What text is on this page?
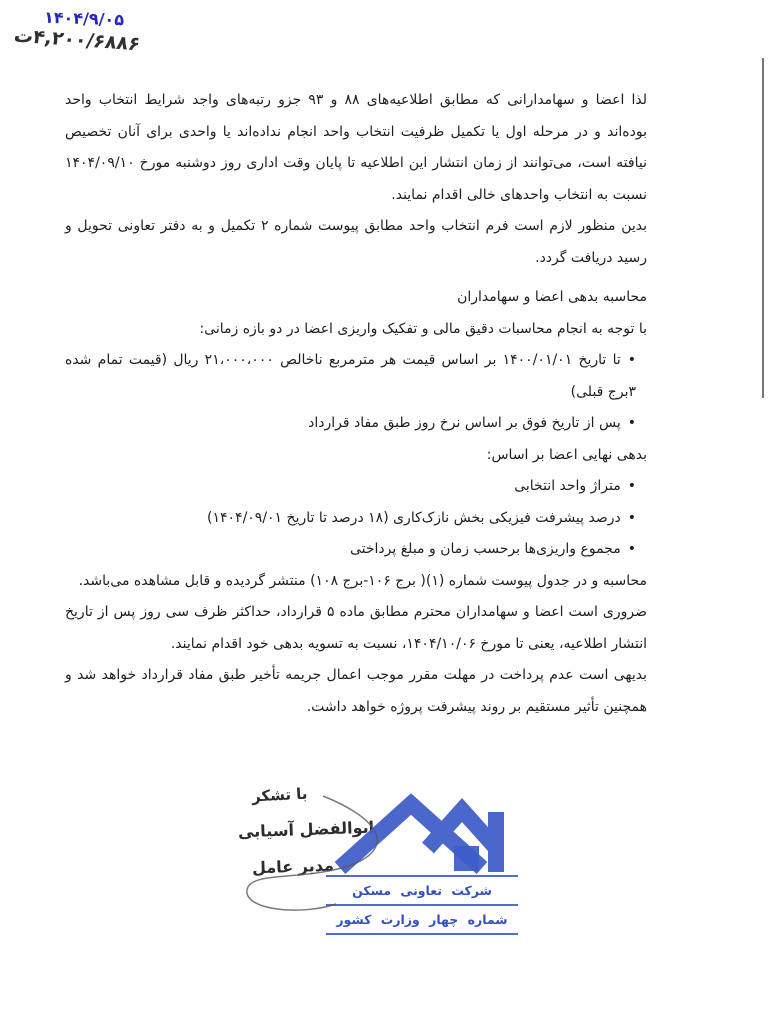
۱۴۰۴/۹/۰۵
ت۴,۲۰۰/۶۸۸۶

لذا اعضا و سهامدارانی که مطابق اطلاعیه‌های ۸۸ و ۹۳ جزو رتبه‌های واجد شرایط انتخاب واحد بوده‌اند و در مرحله اول یا تکمیل ظرفیت انتخاب واحد انجام نداده‌اند یا واحدی برای آنان تخصیص نیافته است، می‌توانند از زمان انتشار این اطلاعیه تا پایان وقت اداری روز دوشنبه مورخ ۱۴۰۴/۰۹/۱۰ نسبت به انتخاب واحدهای خالی اقدام نمایند.

بدین منظور لازم است فرم انتخاب واحد مطابق پیوست شماره ۲ تکمیل و به دفتر تعاونی تحویل و رسید دریافت گردد.

محاسبه بدهی اعضا و سهامداران

با توجه به انجام محاسبات دقیق مالی و تفکیک واریزی اعضا در دو بازه زمانی:

• تا تاریخ ۱۴۰۰/۰۱/۰۱ بر اساس قیمت هر مترمربع ناخالص ۲۱،۰۰۰،۰۰۰ ریال (قیمت تمام شده ۳برج قبلی)
• پس از تاریخ فوق بر اساس نرخ روز طبق مفاد قرارداد

بدهی نهایی اعضا بر اساس:

• متراژ واحد انتخابی
• درصد پیشرفت فیزیکی بخش نازک‌کاری (۱۸ درصد تا تاریخ ۱۴۰۴/۰۹/۰۱)
• مجموع واریزی‌ها برحسب زمان و مبلغ پرداختی

محاسبه و در جدول پیوست شماره (۱)( برج ۱۰۶-برج ۱۰۸) منتشر گردیده و قابل مشاهده می‌باشد.

ضروری است اعضا و سهامداران محترم مطابق ماده ۵ قرارداد، حداکثر ظرف سی روز پس از تاریخ انتشار اطلاعیه، یعنی تا مورخ ۱۴۰۴/۱۰/۰۶، نسبت به تسویه بدهی خود اقدام نمایند.

بدیهی است عدم پرداخت در مهلت مقرر موجب اعمال جریمه تأخیر طبق مفاد قرارداد خواهد شد و همچنین تأثیر مستقیم بر روند پیشرفت پروژه خواهد داشت.

با تشکر
ابوالفضل آسیابی
مدیر عامل
شرکت تعاونی مسکن
شماره چهار وزارت کشور
